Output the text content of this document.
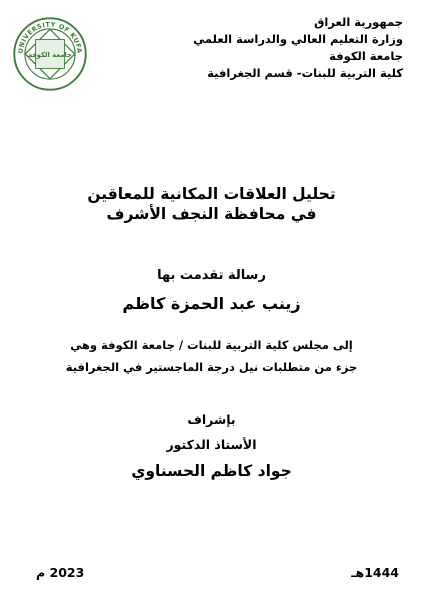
جمهورية العراق
وزارة التعليم العالي والدراسة العلمي
جامعة الكوفة
كلية التربية للبنات- قسم الجغرافية
UNIVERSITY OF KUFA
جامعة الكوفة
تحليل العلاقات المكانية للمعاقين
في محافظة النجف الأشرف
رسالة تقدمت بها
زينب عبد الحمزة كاظم
إلى مجلس كلية التربية للبنات / جامعة الكوفة وهي
جزء من متطلبات نيل درجة الماجستير في الجغرافية
بإشراف
الأستاذ الدكتور
جواد كاظم الحسناوي
1444هـ
2023 م
